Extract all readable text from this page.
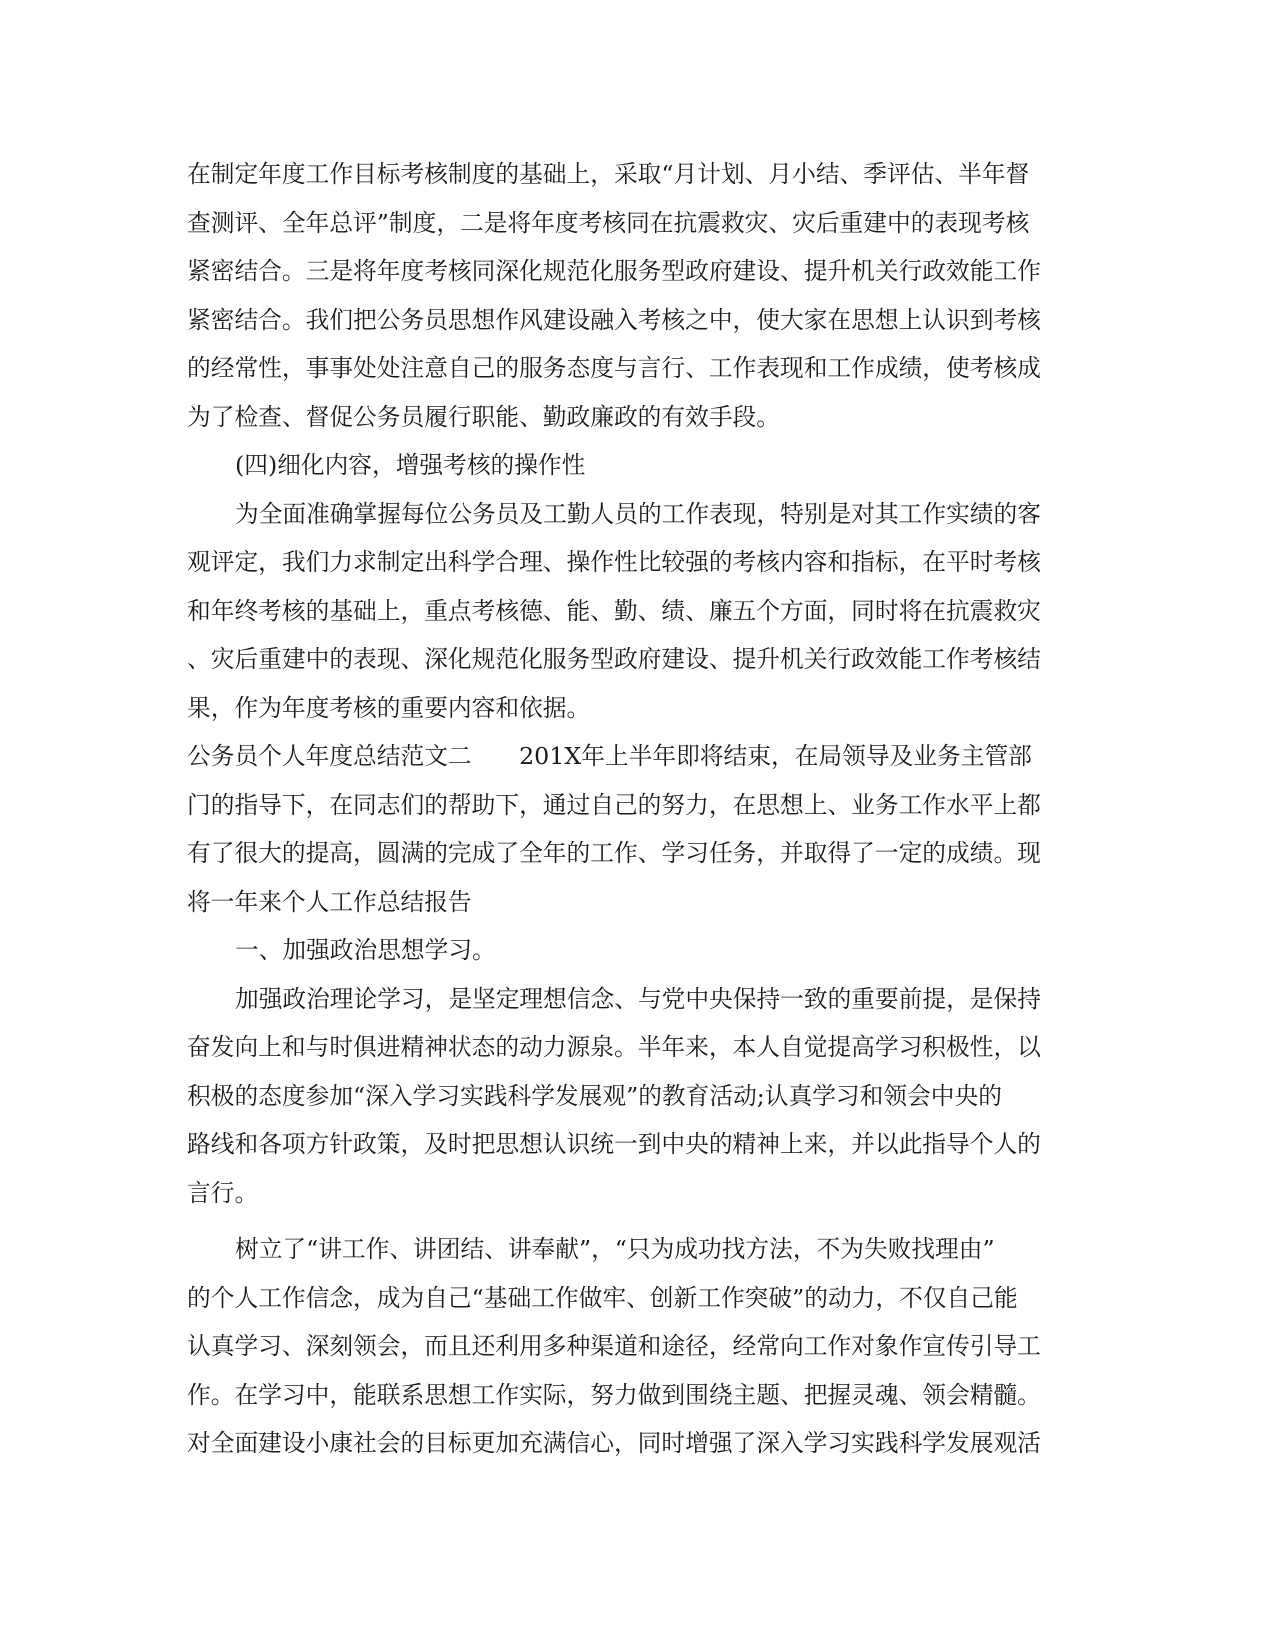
在制定年度工作目标考核制度的基础上，采取“月计划、月小结、季评估、半年督
查测评、全年总评”制度，二是将年度考核同在抗震救灾、灾后重建中的表现考核
紧密结合。三是将年度考核同深化规范化服务型政府建设、提升机关行政效能工作
紧密结合。我们把公务员思想作风建设融入考核之中，使大家在思想上认识到考核
的经常性，事事处处注意自己的服务态度与言行、工作表现和工作成绩，使考核成
为了检查、督促公务员履行职能、勤政廉政的有效手段。
(四)细化内容，增强考核的操作性
为全面准确掌握每位公务员及工勤人员的工作表现，特别是对其工作实绩的客
观评定，我们力求制定出科学合理、操作性比较强的考核内容和指标，在平时考核
和年终考核的基础上，重点考核德、能、勤、绩、廉五个方面，同时将在抗震救灾
、灾后重建中的表现、深化规范化服务型政府建设、提升机关行政效能工作考核结
果，作为年度考核的重要内容和依据。
公务员个人年度总结范文二　　201X年上半年即将结束，在局领导及业务主管部
门的指导下，在同志们的帮助下，通过自己的努力，在思想上、业务工作水平上都
有了很大的提高，圆满的完成了全年的工作、学习任务，并取得了一定的成绩。现
将一年来个人工作总结报告
一、加强政治思想学习。
加强政治理论学习，是坚定理想信念、与党中央保持一致的重要前提，是保持
奋发向上和与时俱进精神状态的动力源泉。半年来，本人自觉提高学习积极性，以
积极的态度参加“深入学习实践科学发展观”的教育活动;认真学习和领会中央的
路线和各项方针政策，及时把思想认识统一到中央的精神上来，并以此指导个人的
言行。
树立了“讲工作、讲团结、讲奉献”，“只为成功找方法，不为失败找理由”
的个人工作信念，成为自己“基础工作做牢、创新工作突破”的动力，不仅自己能
认真学习、深刻领会，而且还利用多种渠道和途径，经常向工作对象作宣传引导工
作。在学习中，能联系思想工作实际，努力做到围绕主题、把握灵魂、领会精髓。
对全面建设小康社会的目标更加充满信心，同时增强了深入学习实践科学发展观活
